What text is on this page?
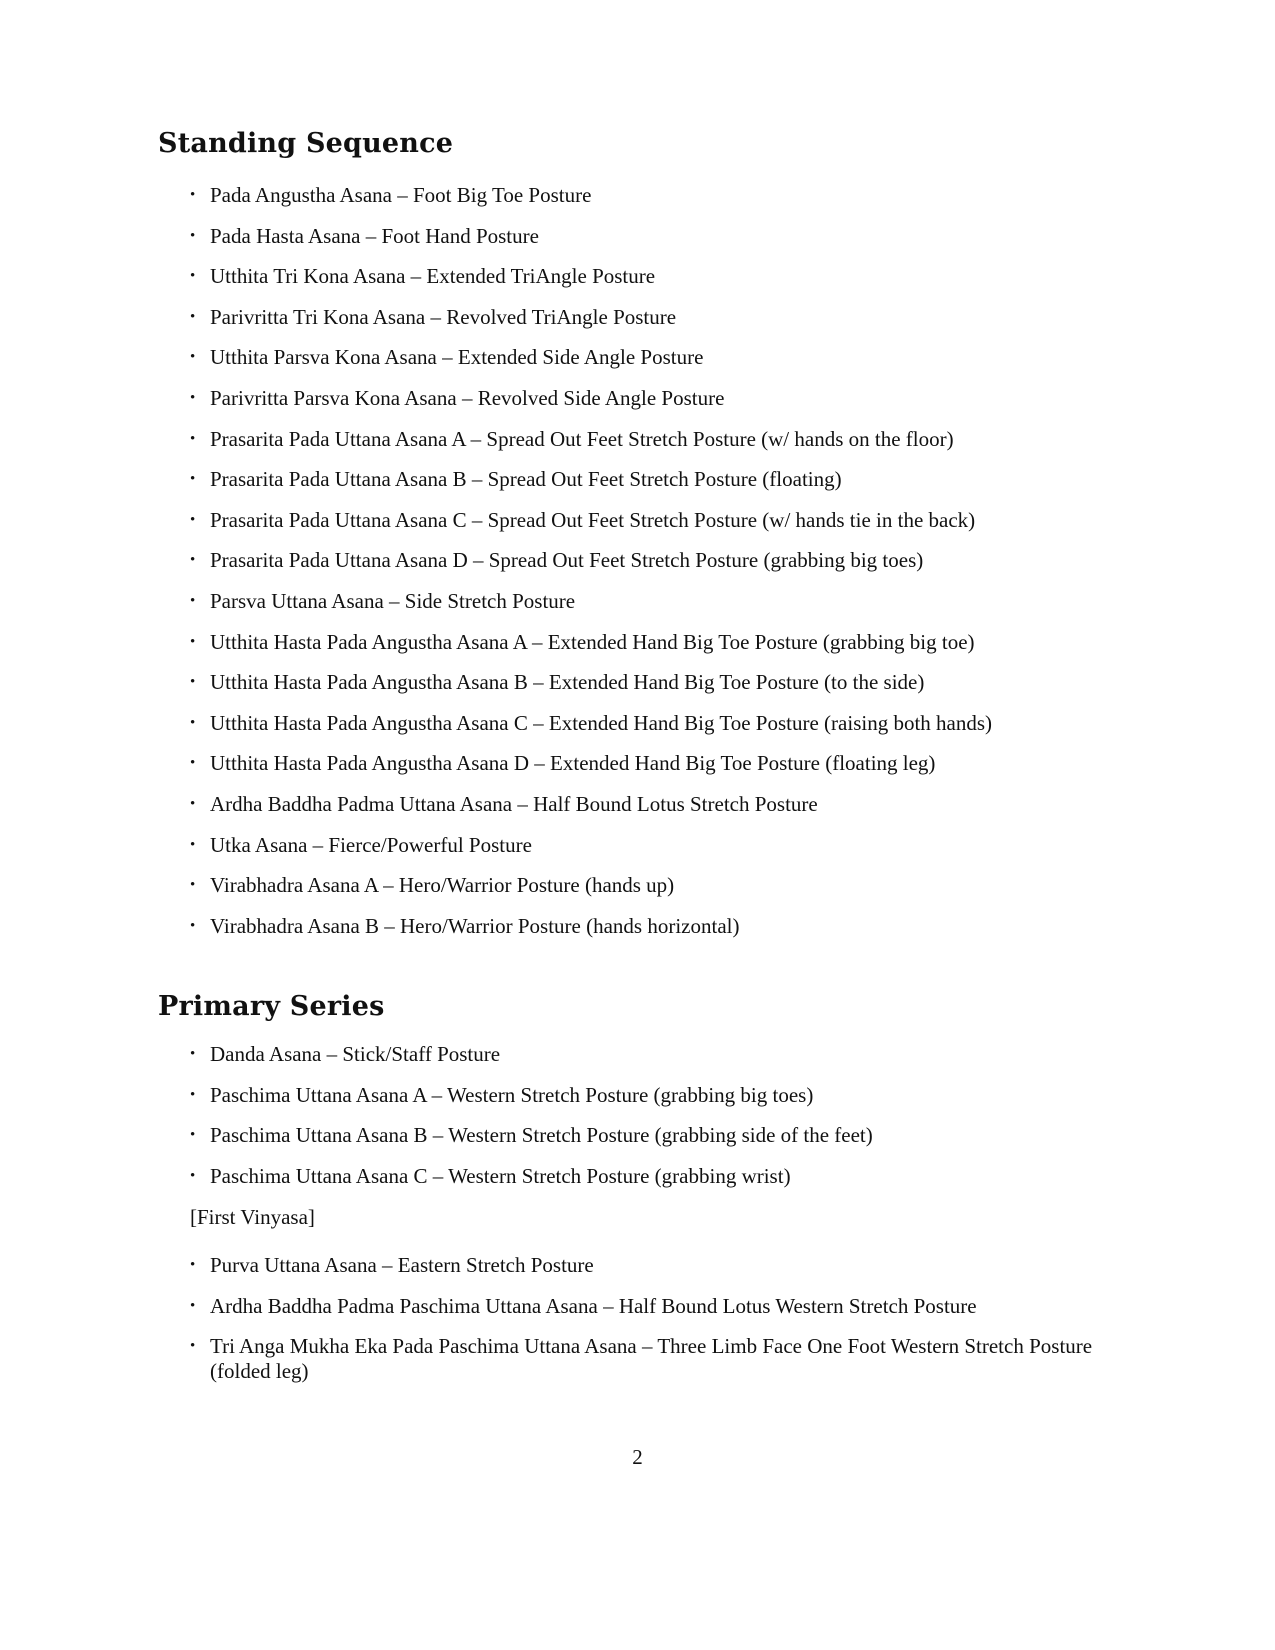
Standing Sequence
• Pada Angustha Asana – Foot Big Toe Posture
• Pada Hasta Asana – Foot Hand Posture
• Utthita Tri Kona Asana – Extended TriAngle Posture
• Parivritta Tri Kona Asana – Revolved TriAngle Posture
• Utthita Parsva Kona Asana – Extended Side Angle Posture
• Parivritta Parsva Kona Asana – Revolved Side Angle Posture
• Prasarita Pada Uttana Asana A – Spread Out Feet Stretch Posture (w/ hands on the floor)
• Prasarita Pada Uttana Asana B – Spread Out Feet Stretch Posture (floating)
• Prasarita Pada Uttana Asana C – Spread Out Feet Stretch Posture (w/ hands tie in the back)
• Prasarita Pada Uttana Asana D – Spread Out Feet Stretch Posture (grabbing big toes)
• Parsva Uttana Asana – Side Stretch Posture
• Utthita Hasta Pada Angustha Asana A – Extended Hand Big Toe Posture (grabbing big toe)
• Utthita Hasta Pada Angustha Asana B – Extended Hand Big Toe Posture (to the side)
• Utthita Hasta Pada Angustha Asana C – Extended Hand Big Toe Posture (raising both hands)
• Utthita Hasta Pada Angustha Asana D – Extended Hand Big Toe Posture (floating leg)
• Ardha Baddha Padma Uttana Asana – Half Bound Lotus Stretch Posture
• Utka Asana – Fierce/Powerful Posture
• Virabhadra Asana A – Hero/Warrior Posture (hands up)
• Virabhadra Asana B – Hero/Warrior Posture (hands horizontal)
Primary Series
• Danda Asana – Stick/Staff Posture
• Paschima Uttana Asana A – Western Stretch Posture (grabbing big toes)
• Paschima Uttana Asana B – Western Stretch Posture (grabbing side of the feet)
• Paschima Uttana Asana C – Western Stretch Posture (grabbing wrist)

[First Vinyasa]

• Purva Uttana Asana – Eastern Stretch Posture
• Ardha Baddha Padma Paschima Uttana Asana – Half Bound Lotus Western Stretch Posture
• Tri Anga Mukha Eka Pada Paschima Uttana Asana – Three Limb Face One Foot Western Stretch Posture (folded leg)

2
